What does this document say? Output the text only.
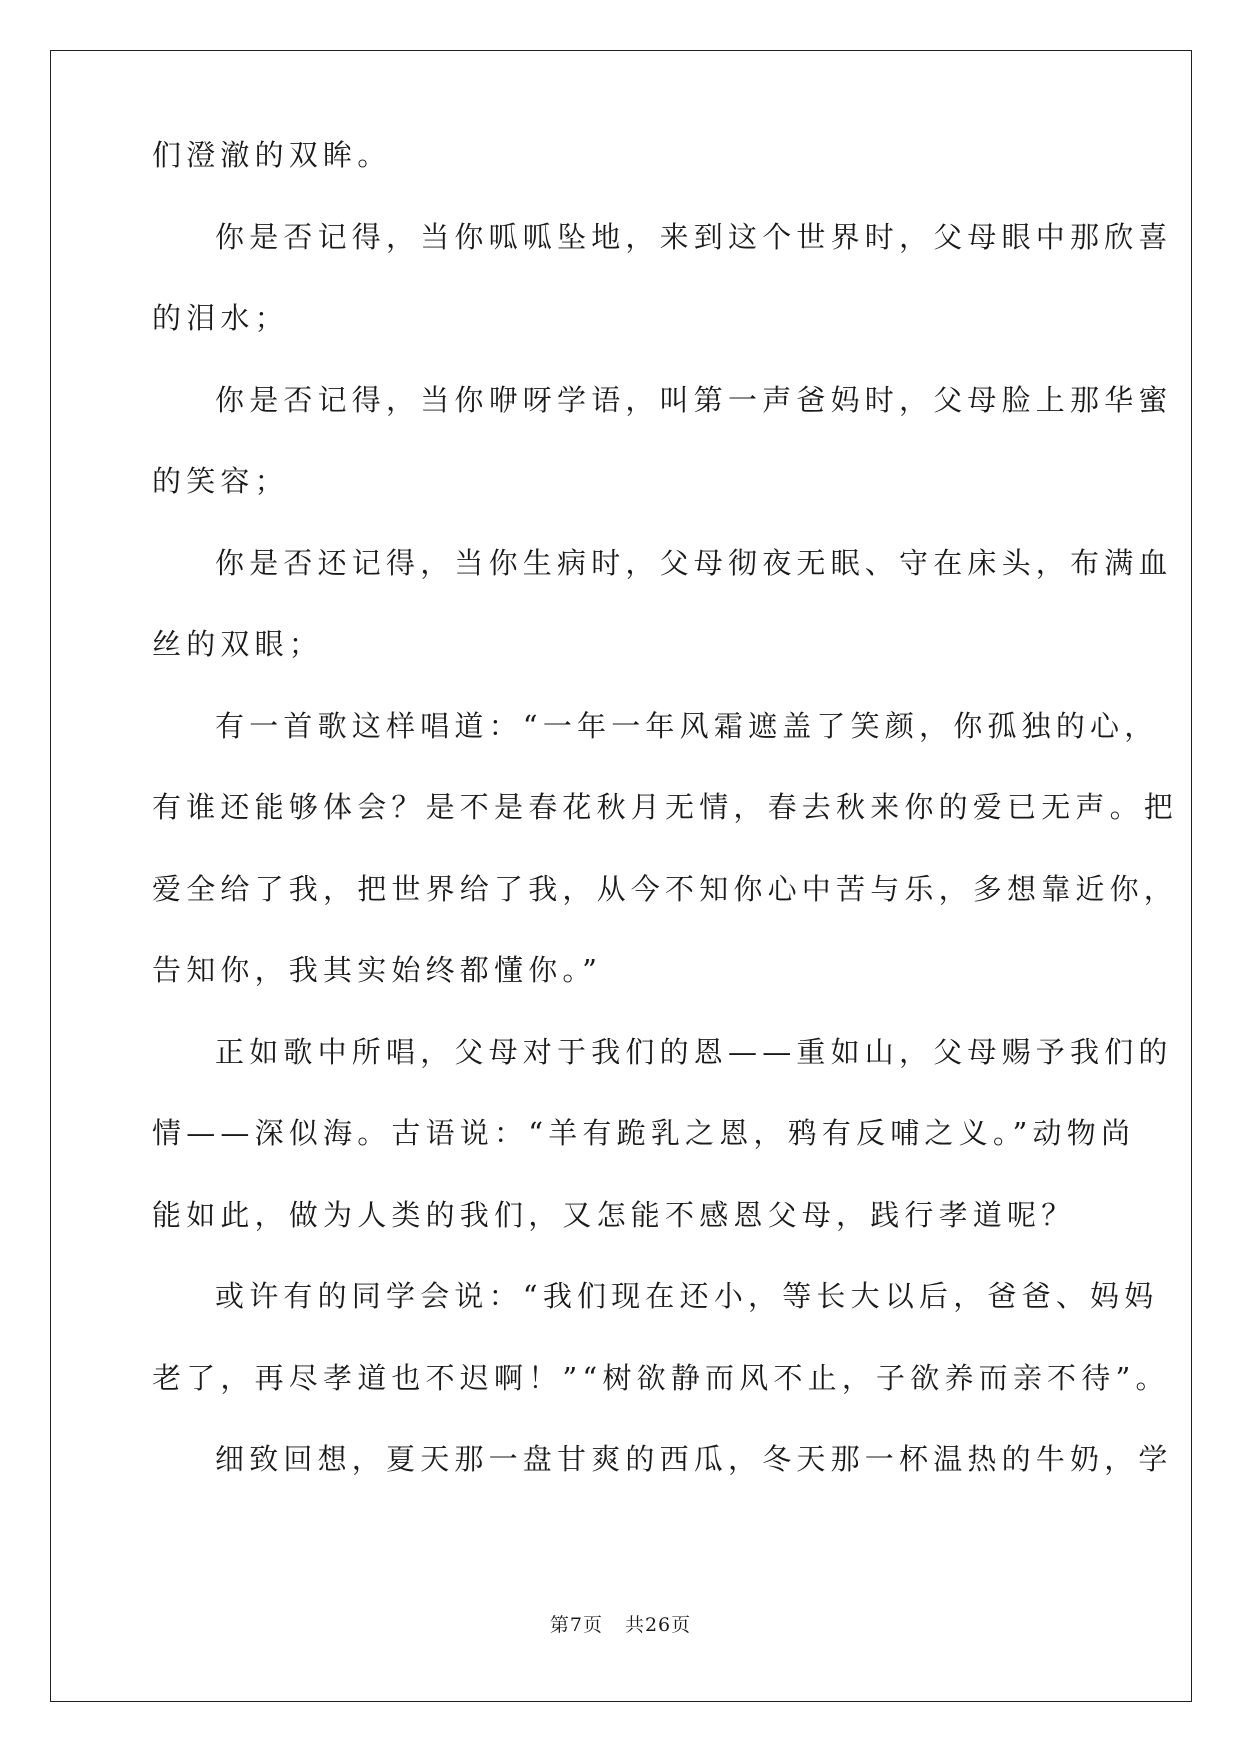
们澄澈的双眸。
你是否记得，当你呱呱坠地，来到这个世界时，父母眼中那欣喜
的泪水；
你是否记得，当你咿呀学语，叫第一声爸妈时，父母脸上那华蜜
的笑容；
你是否还记得，当你生病时，父母彻夜无眠、守在床头，布满血
丝的双眼；
有一首歌这样唱道：“一年一年风霜遮盖了笑颜，你孤独的心，
有谁还能够体会？是不是春花秋月无情，春去秋来你的爱已无声。把
爱全给了我，把世界给了我，从今不知你心中苦与乐，多想靠近你，
告知你，我其实始终都懂你。”
正如歌中所唱，父母对于我们的恩——重如山，父母赐予我们的
情——深似海。古语说：“羊有跪乳之恩，鸦有反哺之义。”动物尚
能如此，做为人类的我们，又怎能不感恩父母，践行孝道呢？
或许有的同学会说：“我们现在还小，等长大以后，爸爸、妈妈
老了，再尽孝道也不迟啊！”“树欲静而风不止，子欲养而亲不待”。
细致回想，夏天那一盘甘爽的西瓜，冬天那一杯温热的牛奶，学
第7页 共26页
